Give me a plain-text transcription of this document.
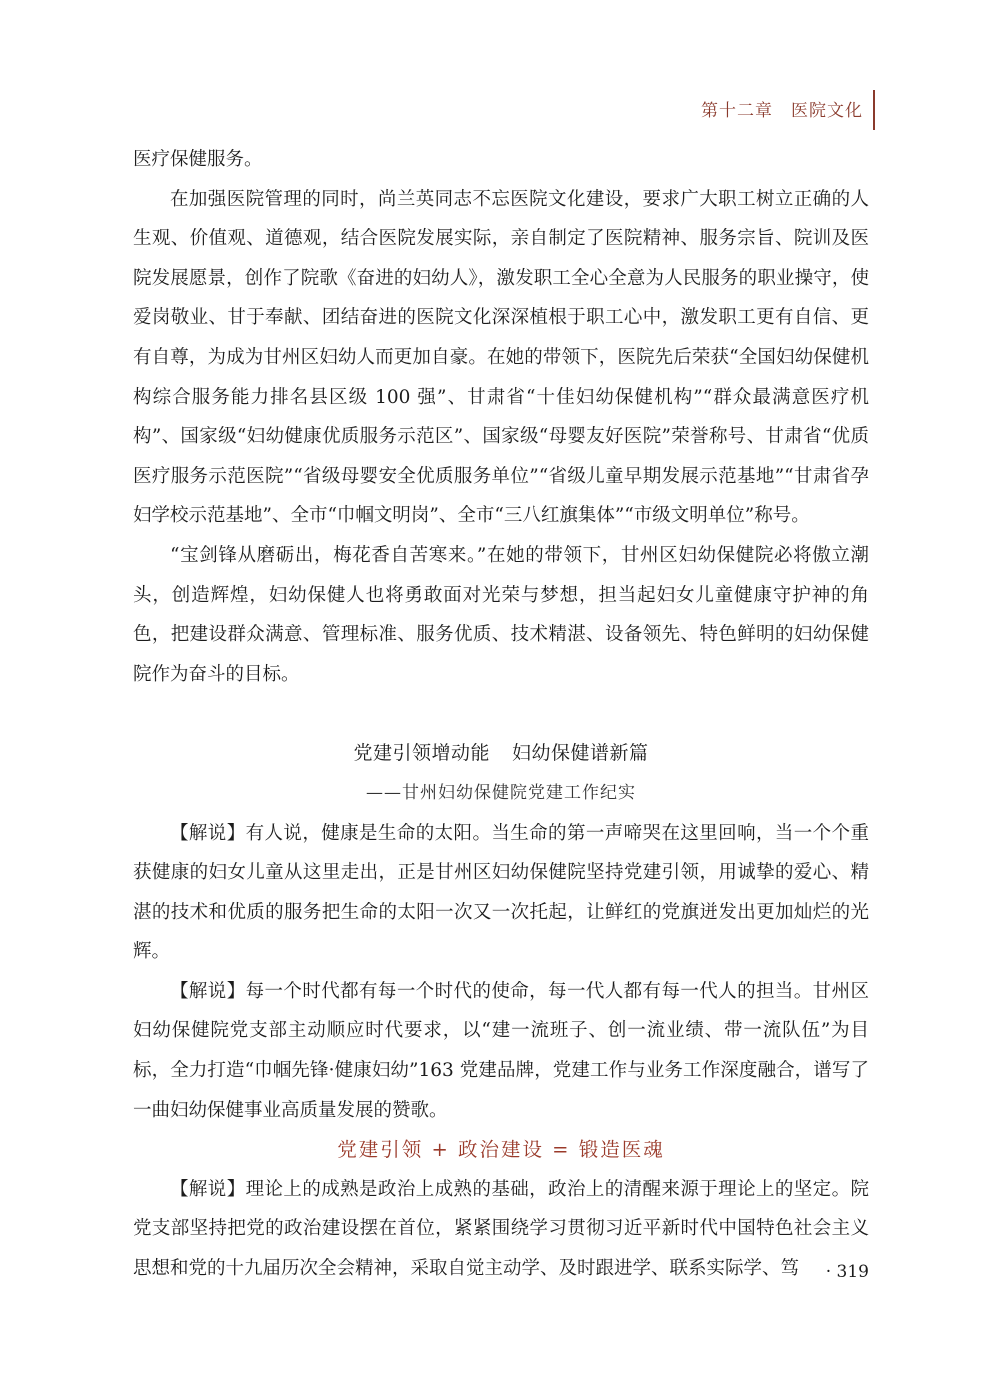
第十二章 医院文化

医疗保健服务。

在加强医院管理的同时，尚兰英同志不忘医院文化建设，要求广大职工树立正确的人生观、价值观、道德观，结合医院发展实际，亲自制定了医院精神、服务宗旨、院训及医院发展愿景，创作了院歌《奋进的妇幼人》，激发职工全心全意为人民服务的职业操守，使爱岗敬业、甘于奉献、团结奋进的医院文化深深植根于职工心中，激发职工更有自信、更有自尊，为成为甘州区妇幼人而更加自豪。在她的带领下，医院先后荣获“全国妇幼保健机构综合服务能力排名县区级 100 强”、甘肃省“十佳妇幼保健机构”“群众最满意医疗机构”、国家级“妇幼健康优质服务示范区”、国家级“母婴友好医院”荣誉称号、甘肃省“优质医疗服务示范医院”“省级母婴安全优质服务单位”“省级儿童早期发展示范基地”“甘肃省孕妇学校示范基地”、全市“巾帼文明岗”、全市“三八红旗集体”“市级文明单位”称号。

“宝剑锋从磨砺出，梅花香自苦寒来。”在她的带领下，甘州区妇幼保健院必将傲立潮头，创造辉煌，妇幼保健人也将勇敢面对光荣与梦想，担当起妇女儿童健康守护神的角色，把建设群众满意、管理标准、服务优质、技术精湛、设备领先、特色鲜明的妇幼保健院作为奋斗的目标。

党建引领增动能 妇幼保健谱新篇

——甘州妇幼保健院党建工作纪实

【解说】有人说，健康是生命的太阳。当生命的第一声啼哭在这里回响，当一个个重获健康的妇女儿童从这里走出，正是甘州区妇幼保健院坚持党建引领，用诚挚的爱心、精湛的技术和优质的服务把生命的太阳一次又一次托起，让鲜红的党旗迸发出更加灿烂的光辉。

【解说】每一个时代都有每一个时代的使命，每一代人都有每一代人的担当。甘州区妇幼保健院党支部主动顺应时代要求，以“建一流班子、创一流业绩、带一流队伍”为目标，全力打造“巾帼先锋·健康妇幼”163 党建品牌，党建工作与业务工作深度融合，谱写了一曲妇幼保健事业高质量发展的赞歌。

党建引领 + 政治建设 = 锻造医魂

【解说】理论上的成熟是政治上成熟的基础，政治上的清醒来源于理论上的坚定。院党支部坚持把党的政治建设摆在首位，紧紧围绕学习贯彻习近平新时代中国特色社会主义思想和党的十九届历次全会精神，采取自觉主动学、及时跟进学、联系实际学、笃	· 319
